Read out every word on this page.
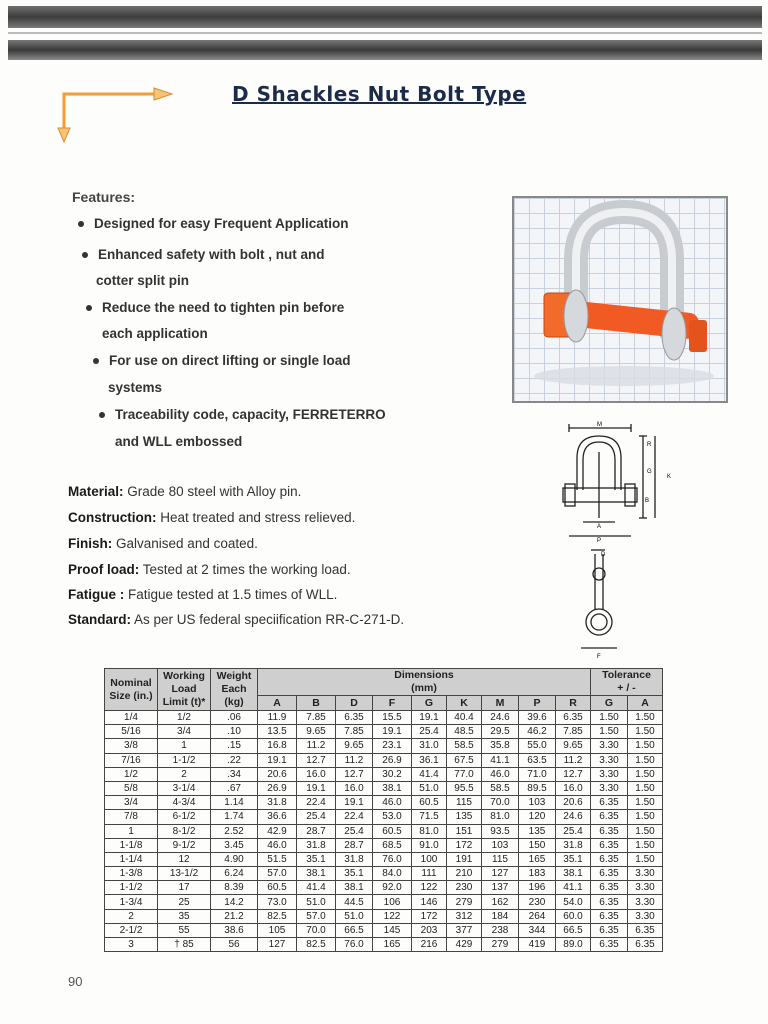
D Shackles Nut Bolt Type
Features:
Designed for easy Frequent Application
Enhanced safety with bolt , nut and
cotter split pin
Reduce the need to tighten pin before
each application
For use on direct lifting or single load
systems
Traceability code, capacity, FERRETERRO
and WLL embossed
M
R
G
K
B
A
P
D
F
Material: Grade 80 steel with Alloy pin.
Construction: Heat treated and stress relieved.
Finish: Galvanised and coated.
Proof load: Tested at 2 times the working load.
Fatigue : Fatigue tested at 1.5 times of WLL.
Standard: As per US federal speciification RR-C-271-D.
Nominal Size (in.)	Working Load Limit (t)*	Weight Each (kg)	Dimensions
(mm)									Tolerance
+ / -	
			A	B	D	F	G	K	M	P	R	G	A
1/4	1/2	.06	11.9	7.85	6.35	15.5	19.1	40.4	24.6	39.6	6.35	1.50	1.50
5/16	3/4	.10	13.5	9.65	7.85	19.1	25.4	48.5	29.5	46.2	7.85	1.50	1.50
3/8	1	.15	16.8	11.2	9.65	23.1	31.0	58.5	35.8	55.0	9.65	3.30	1.50
7/16	1-1/2	.22	19.1	12.7	11.2	26.9	36.1	67.5	41.1	63.5	11.2	3.30	1.50
1/2	2	.34	20.6	16.0	12.7	30.2	41.4	77.0	46.0	71.0	12.7	3.30	1.50
5/8	3-1/4	.67	26.9	19.1	16.0	38.1	51.0	95.5	58.5	89.5	16.0	3.30	1.50
3/4	4-3/4	1.14	31.8	22.4	19.1	46.0	60.5	115	70.0	103	20.6	6.35	1.50
7/8	6-1/2	1.74	36.6	25.4	22.4	53.0	71.5	135	81.0	120	24.6	6.35	1.50
1	8-1/2	2.52	42.9	28.7	25.4	60.5	81.0	151	93.5	135	25.4	6.35	1.50
1-1/8	9-1/2	3.45	46.0	31.8	28.7	68.5	91.0	172	103	150	31.8	6.35	1.50
1-1/4	12	4.90	51.5	35.1	31.8	76.0	100	191	115	165	35.1	6.35	1.50
1-3/8	13-1/2	6.24	57.0	38.1	35.1	84.0	111	210	127	183	38.1	6.35	3.30
1-1/2	17	8.39	60.5	41.4	38.1	92.0	122	230	137	196	41.1	6.35	3.30
1-3/4	25	14.2	73.0	51.0	44.5	106	146	279	162	230	54.0	6.35	3.30
2	35	21.2	82.5	57.0	51.0	122	172	312	184	264	60.0	6.35	3.30
2-1/2	55	38.6	105	70.0	66.5	145	203	377	238	344	66.5	6.35	6.35
3	† 85	56	127	82.5	76.0	165	216	429	279	419	89.0	6.35	6.35
90
